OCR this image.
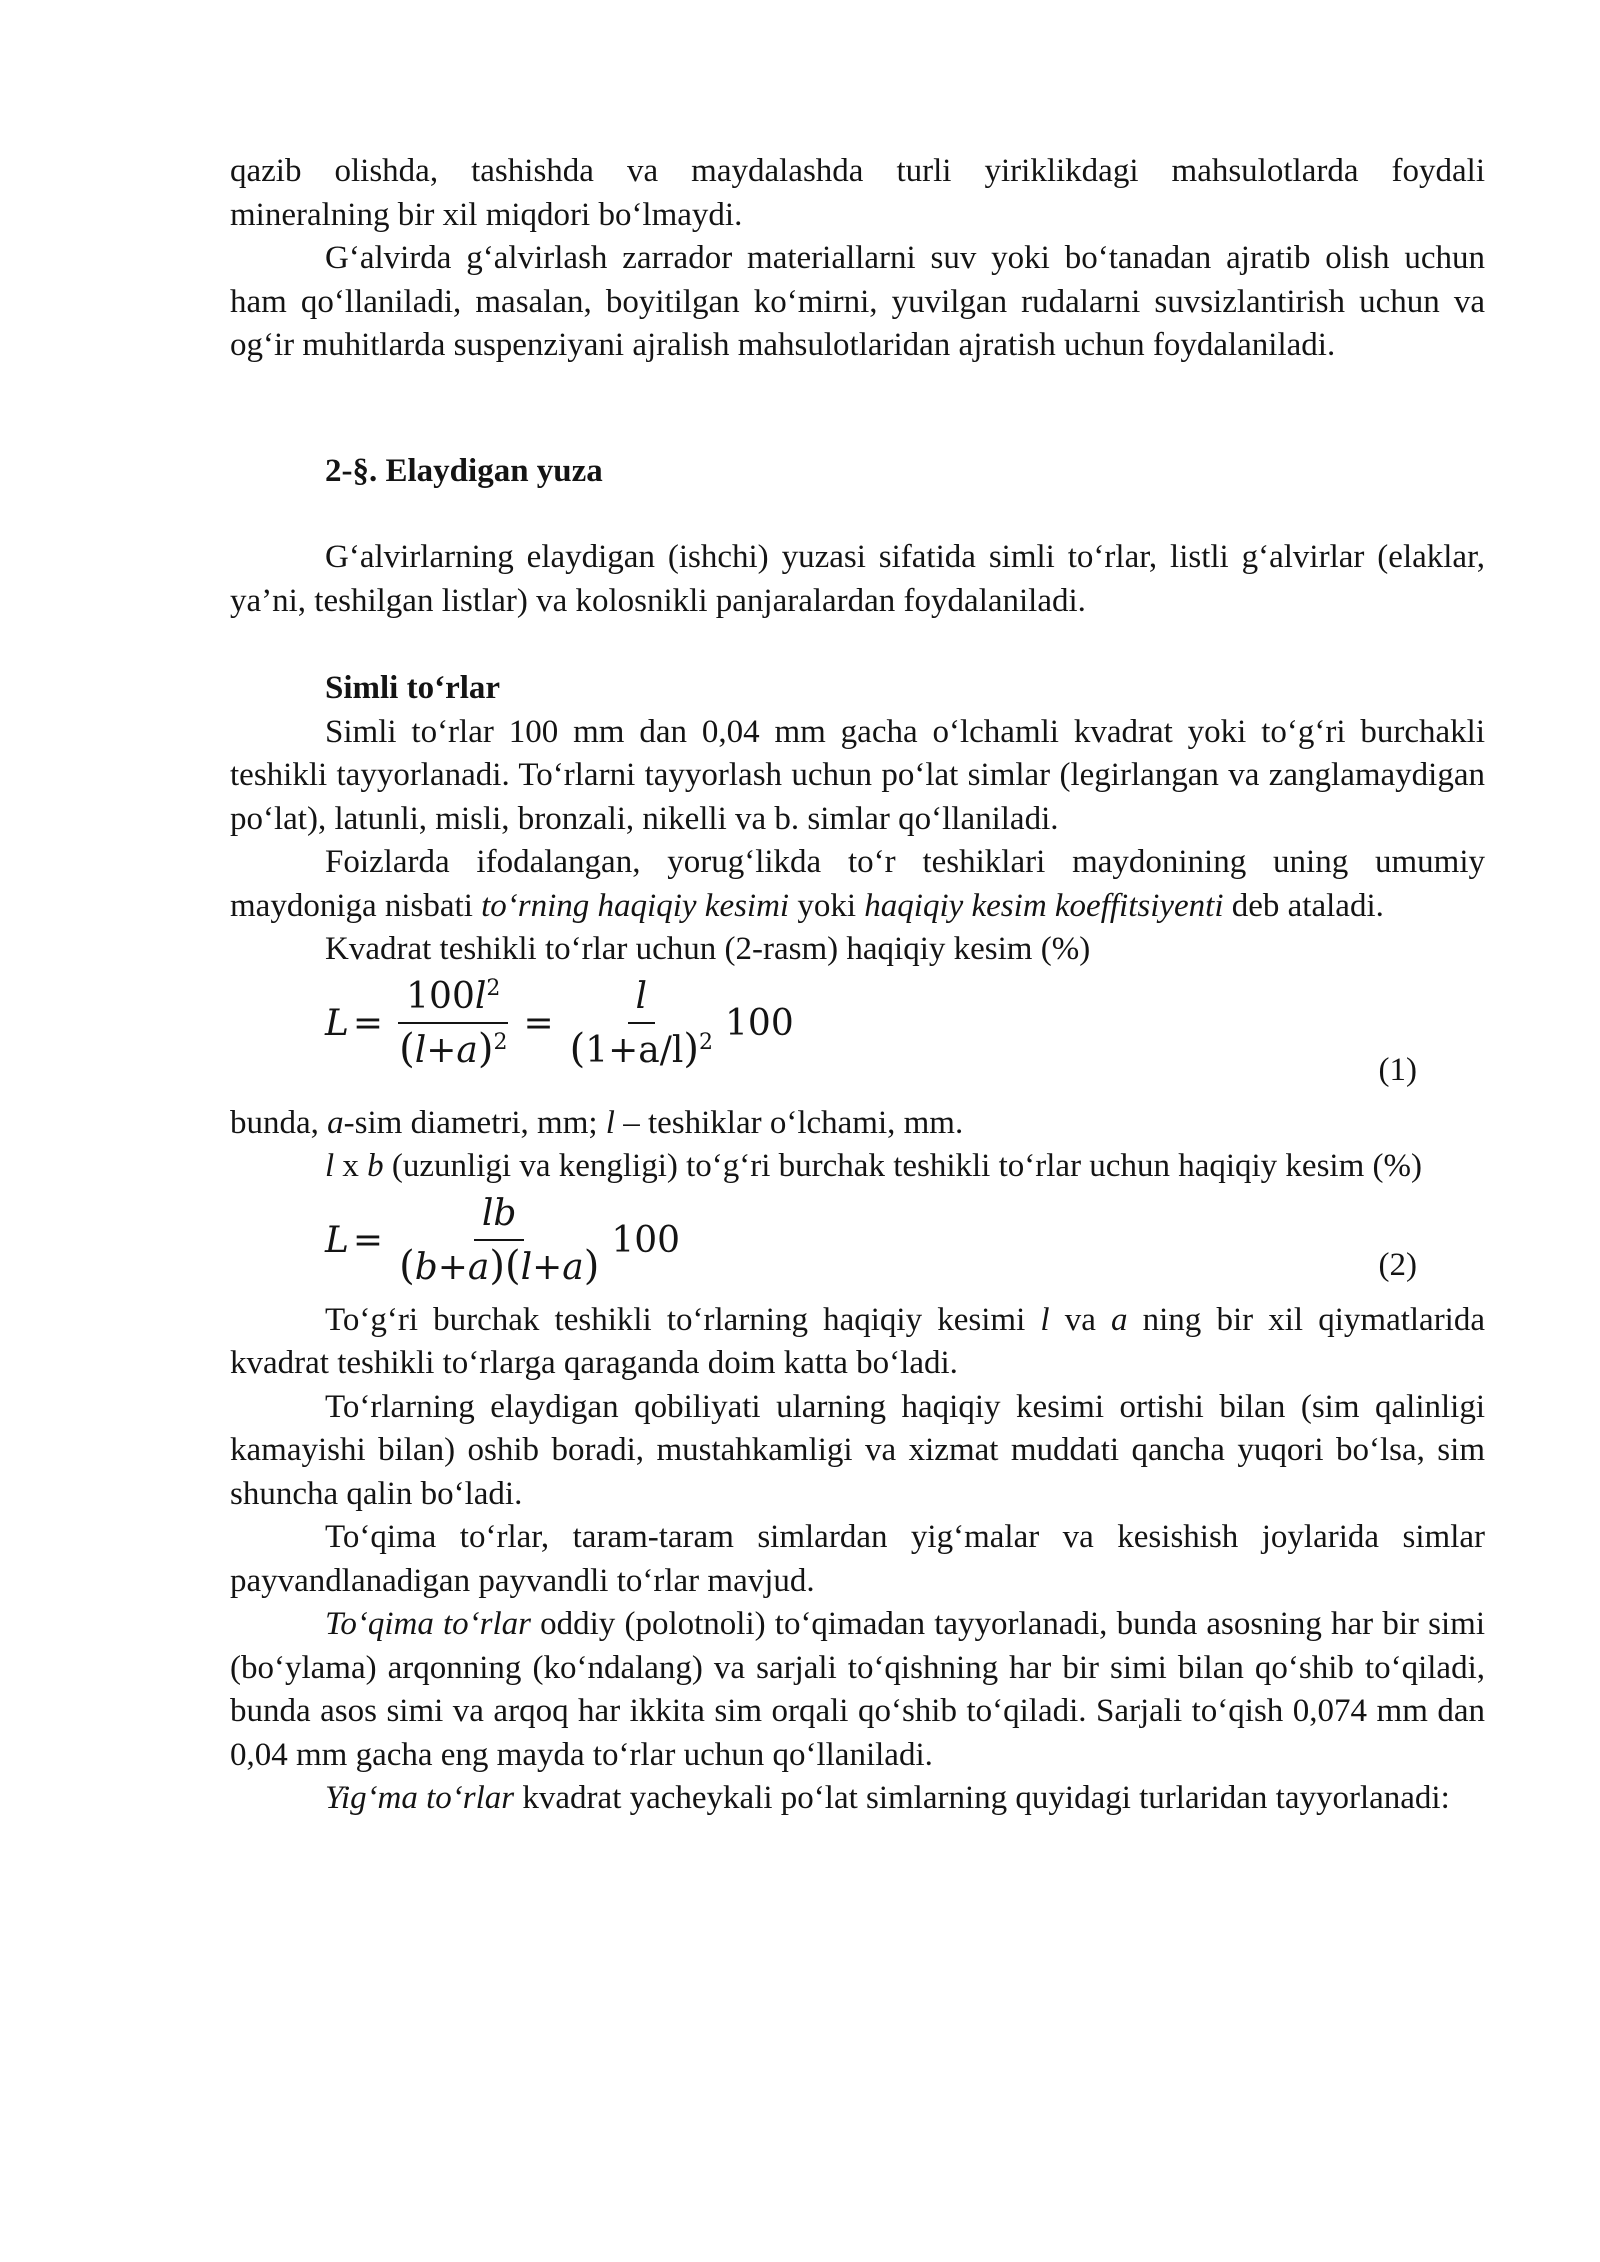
qazib olishda, tashishda va maydalashda turli yiriklikdagi mahsulotlarda foydali

mineralning bir xil miqdori bo‘lmaydi.

G‘alvirda g‘alvirlash zarrador materiallarni suv yoki bo‘tanadan ajratib olish uchun ham qo‘llaniladi, masalan, boyitilgan ko‘mirni, yuvilgan rudalarni suvsizlantirish uchun va og‘ir muhitlarda suspenziyani ajralish mahsulotlaridan ajratish uchun foydalaniladi.

2-§. Elaydigan yuza

G‘alvirlarning elaydigan (ishchi) yuzasi sifatida simli to‘rlar, listli g‘alvirlar (elaklar, ya’ni, teshilgan listlar) va kolosnikli panjaralardan foydalaniladi.

Simli to‘rlar

Simli to‘rlar 100 mm dan 0,04 mm gacha o‘lchamli kvadrat yoki to‘g‘ri burchakli teshikli tayyorlanadi. To‘rlarni tayyorlash uchun po‘lat simlar (legirlangan va zanglamaydigan po‘lat), latunli, misli, bronzali, nikelli va b. simlar qo‘llaniladi.

Foizlarda ifodalangan, yorug‘likda to‘r teshiklari maydonining uning umumiy maydoniga nisbati to‘rning haqiqiy kesimi yoki haqiqiy kesim koeffitsiyenti deb ataladi.

Kvadrat teshikli to‘rlar uchun (2-rasm) haqiqiy kesim (%)

$L = \frac{100l^2}{(l+a)^2} = \frac{l}{(1+a/l)^2} 100$
(1)

bunda, a-sim diametri, mm; l – teshiklar o‘lchami, mm.

l x b (uzunligi va kengligi) to‘g‘ri burchak teshikli to‘rlar uchun haqiqiy kesim (%)

$L = \frac{lb}{(b+a)(l+a)} 100$
(2)

To‘g‘ri burchak teshikli to‘rlarning haqiqiy kesimi l va a ning bir xil qiymatlarida kvadrat teshikli to‘rlarga qaraganda doim katta bo‘ladi.

To‘rlarning elaydigan qobiliyati ularning haqiqiy kesimi ortishi bilan (sim qalinligi kamayishi bilan) oshib boradi, mustahkamligi va xizmat muddati qancha yuqori bo‘lsa, sim shuncha qalin bo‘ladi.

To‘qima to‘rlar, taram-taram simlardan yig‘malar va kesishish joylarida simlar payvandlanadigan payvandli to‘rlar mavjud.

To‘qima to‘rlar oddiy (polotnoli) to‘qimadan tayyorlanadi, bunda asosning har bir simi (bo‘ylama) arqonning (ko‘ndalang) va sarjali to‘qishning har bir simi bilan qo‘shib to‘qiladi, bunda asos simi va arqoq har ikkita sim orqali qo‘shib to‘qiladi. Sarjali to‘qish 0,074 mm dan 0,04 mm gacha eng mayda to‘rlar uchun qo‘llaniladi.

Yig‘ma to‘rlar kvadrat yacheykali po‘lat simlarning quyidagi turlaridan tayyorlanadi:
